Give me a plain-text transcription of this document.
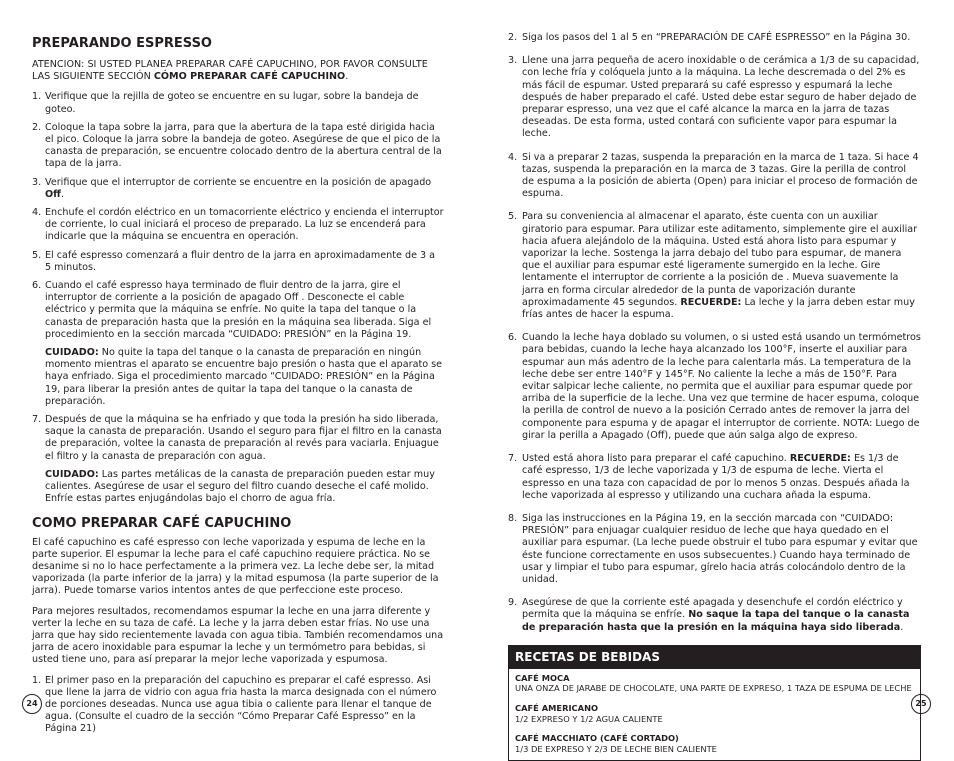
PREPARANDO ESPRESSO

ATENCION: SI USTED PLANEA PREPARAR CAFÉ CAPUCHINO, POR FAVOR CONSULTE LAS SIGUIENTE SECCIÓN CÓMO PREPARAR CAFÉ CAPUCHINO.

1. Verifique que la rejilla de goteo se encuentre en su lugar, sobre la bandeja de goteo.
2. Coloque la tapa sobre la jarra, para que la abertura de la tapa esté dirigida hacia el pico. Coloque la jarra sobre la bandeja de goteo. Asegúrese de que el pico de la canasta de preparación, se encuentre colocado dentro de la abertura central de la tapa de la jarra.
3. Verifique que el interruptor de corriente se encuentre en la posición de apagado Off.
4. Enchufe el cordón eléctrico en un tomacorriente eléctrico y encienda el interruptor de corriente, lo cual iniciará el proceso de preparado. La luz se encenderá para indicarle que la máquina se encuentra en operación.
5. El café espresso comenzará a fluir dentro de la jarra en aproximadamente de 3 a 5 minutos.
6. Cuando el café espresso haya terminado de fluir dentro de la jarra, gire el interruptor de corriente a la posición de apagado Off . Desconecte el cable eléctrico y permita que la máquina se enfríe. No quite la tapa del tanque o la canasta de preparación hasta que la presión en la máquina sea liberada. Siga el procedimiento en la sección marcada “CUIDADO: PRESIÓN” en la Página 19.
CUIDADO: No quite la tapa del tanque o la canasta de preparación en ningún momento mientras el aparato se encuentre bajo presión o hasta que el aparato se haya enfriado. Siga el procedimiento marcado “CUIDADO: PRESIÓN” en la Página 19, para liberar la presión antes de quitar la tapa del tanque o la canasta de preparación.
7. Después de que la máquina se ha enfriado y que toda la presión ha sido liberada, saque la canasta de preparación. Usando el seguro para fijar el filtro en la canasta de preparación, voltee la canasta de preparación al revés para vaciarla. Enjuague el filtro y la canasta de preparación con agua.
CUIDADO: Las partes metálicas de la canasta de preparación pueden estar muy calientes. Asegúrese de usar el seguro del filtro cuando deseche el café molido. Enfríe estas partes enjugándolas bajo el chorro de agua fría.
COMO PREPARAR CAFÉ CAPUCHINO

El café capuchino es café espresso con leche vaporizada y espuma de leche en la parte superior. El espumar la leche para el café capuchino requiere práctica. No se desanime si no lo hace perfectamente a la primera vez. La leche debe ser, la mitad vaporizada (la parte inferior de la jarra) y la mitad espumosa (la parte superior de la jarra). Puede tomarse varios intentos antes de que perfeccione este proceso.

Para mejores resultados, recomendamos espumar la leche en una jarra diferente y verter la leche en su taza de café. La leche y la jarra deben estar frías. No use una jarra que hay sido recientemente lavada con agua tibia. También recomendamos una jarra de acero inoxidable para espumar la leche y un termómetro para bebidas, si usted tiene uno, para así preparar la mejor leche vaporizada y espumosa.

1. El primer paso en la preparación del capuchino es preparar el café espresso. Asi que llene la jarra de vidrio con agua fria hasta la marca designada con el número de porciones deseadas. Nunca use agua tibia o caliente para llenar el tanque de agua. (Consulte el cuadro de la sección “Cómo Preparar Café Espresso” en la Página 21)
24
2. Siga los pasos del 1 al 5 en “PREPARACIÓN DE CAFÉ ESPRESSO” en la Página 30.
3. Llene una jarra pequeña de acero inoxidable o de cerámica a 1/3 de su capacidad, con leche fría y colóquela junto a la máquina. La leche descremada o del 2% es más fácil de espumar. Usted preparará su café espresso y espumará la leche después de haber preparado el café. Usted debe estar seguro de haber dejado de preparar espresso, una vez que el café alcance la marca en la jarra de tazas deseadas. De esta forma, usted contará con suficiente vapor para espumar la leche.
4. Si va a preparar 2 tazas, suspenda la preparación en la marca de 1 taza. Si hace 4 tazas, suspenda la preparación en la marca de 3 tazas. Gire la perilla de control de espuma a la posición de abierta (Open) para iniciar el proceso de formación de espuma.
5. Para su conveniencia al almacenar el aparato, éste cuenta con un auxiliar giratorio para espumar. Para utilizar este aditamento, simplemente gire el auxiliar hacia afuera alejándolo de la máquina. Usted está ahora listo para espumar y vaporizar la leche. Sostenga la jarra debajo del tubo para espumar, de manera que el auxiliar para espumar esté ligeramente sumergido en la leche. Gire lentamente el interruptor de corriente a la posición de . Mueva suavemente la jarra en forma circular alrededor de la punta de vaporización durante aproximadamente 45 segundos. RECUERDE: La leche y la jarra deben estar muy frías antes de hacer la espuma.
6. Cuando la leche haya doblado su volumen, o si usted está usando un termómetros para bebidas, cuando la leche haya alcanzado los 100°F, inserte el auxiliar para espumar aun más adentro de la leche para calentarla más. La temperatura de la leche debe ser entre 140°F y 145°F. No caliente la leche a más de 150°F. Para evitar salpicar leche caliente, no permita que el auxiliar para espumar quede por arriba de la superficie de la leche. Una vez que termine de hacer espuma, coloque la perilla de control de nuevo a la posición Cerrado antes de remover la jarra del componente para espuma y de apagar el interruptor de corriente. NOTA: Luego de girar la perilla a Apagado (Off), puede que aún salga algo de expreso.
7. Usted está ahora listo para preparar el café capuchino. RECUERDE: Es 1/3 de café espresso, 1/3 de leche vaporizada y 1/3 de espuma de leche. Vierta el espresso en una taza con capacidad de por lo menos 5 onzas. Después añada la leche vaporizada al espresso y utilizando una cuchara añada la espuma.
8. Siga las instrucciones en la Página 19, en la sección marcada con “CUIDADO: PRESIÓN” para enjuagar cualquier residuo de leche que haya quedado en el auxiliar para espumar. (La leche puede obstruir el tubo para espumar y evitar que éste funcione correctamente en usos subsecuentes.) Cuando haya terminado de usar y limpiar el tubo para espumar, gírelo hacia atrás colocándolo dentro de la unidad.
9. Asegúrese de que la corriente esté apagada y desenchufe el cordón eléctrico y permita que la máquina se enfríe. No saque la tapa del tanque o la canasta de preparación hasta que la presión en la máquina haya sido liberada.
RECETAS DE BEBIDAS
CAFÉ MOCA
UNA ONZA DE JARABE DE CHOCOLATE, UNA PARTE DE EXPRESO, 1 TAZA DE ESPUMA DE LECHE
CAFÉ AMERICANO
1/2 EXPRESO Y 1/2 AGUA CALIENTE
CAFÉ MACCHIATO (CAFÉ CORTADO)
1/3 DE EXPRESO Y 2/3 DE LECHE BIEN CALIENTE
25
